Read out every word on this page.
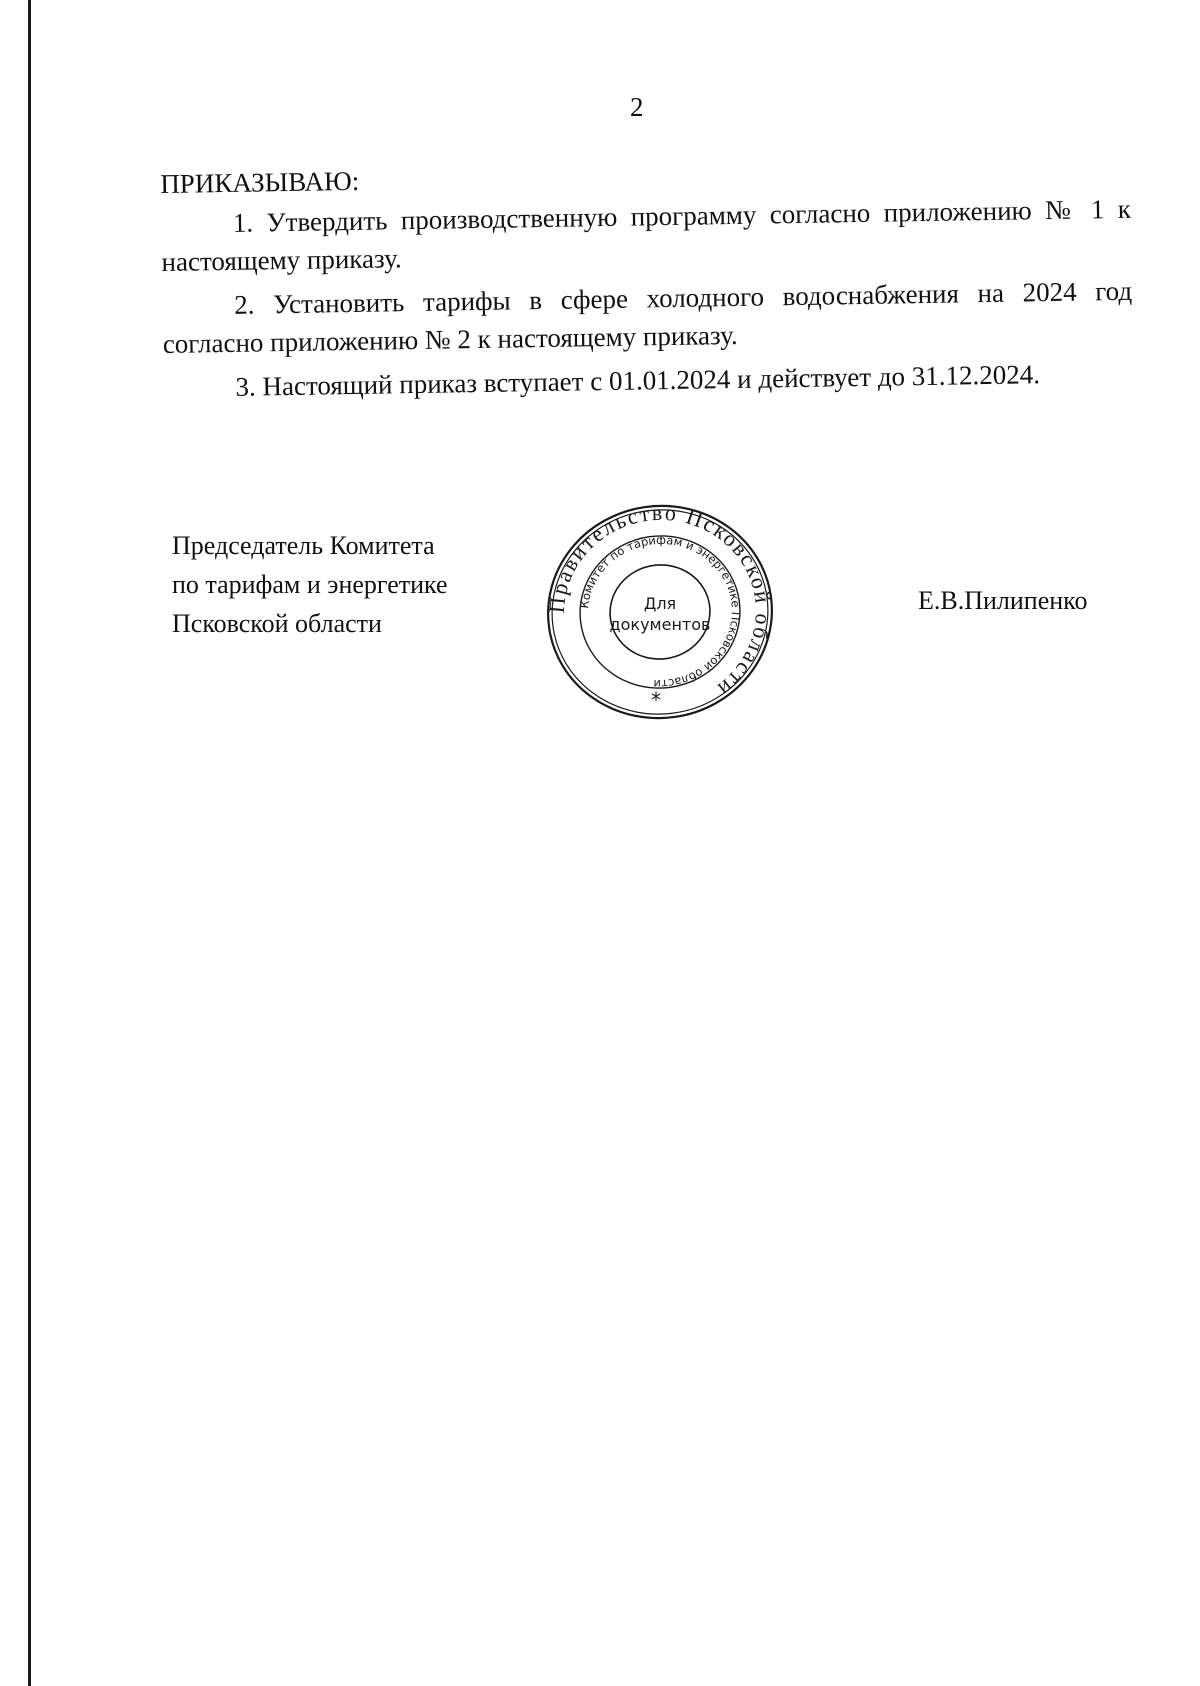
2

ПРИКАЗЫВАЮ:

1. Утвердить производственную программу согласно приложению № 1 к настоящему приказу.

2. Установить тарифы в сфере холодного водоснабжения на 2024 год согласно приложению № 2 к настоящему приказу.

3. Настоящий приказ вступает с 01.01.2024 и действует до 31.12.2024.

Председатель Комитета
по тарифам и энергетике
Псковской области
Правительство Псковской области
Комитет по тарифам и энергетике Псковской области
Для
документов
*
Е.В.Пилипенко
